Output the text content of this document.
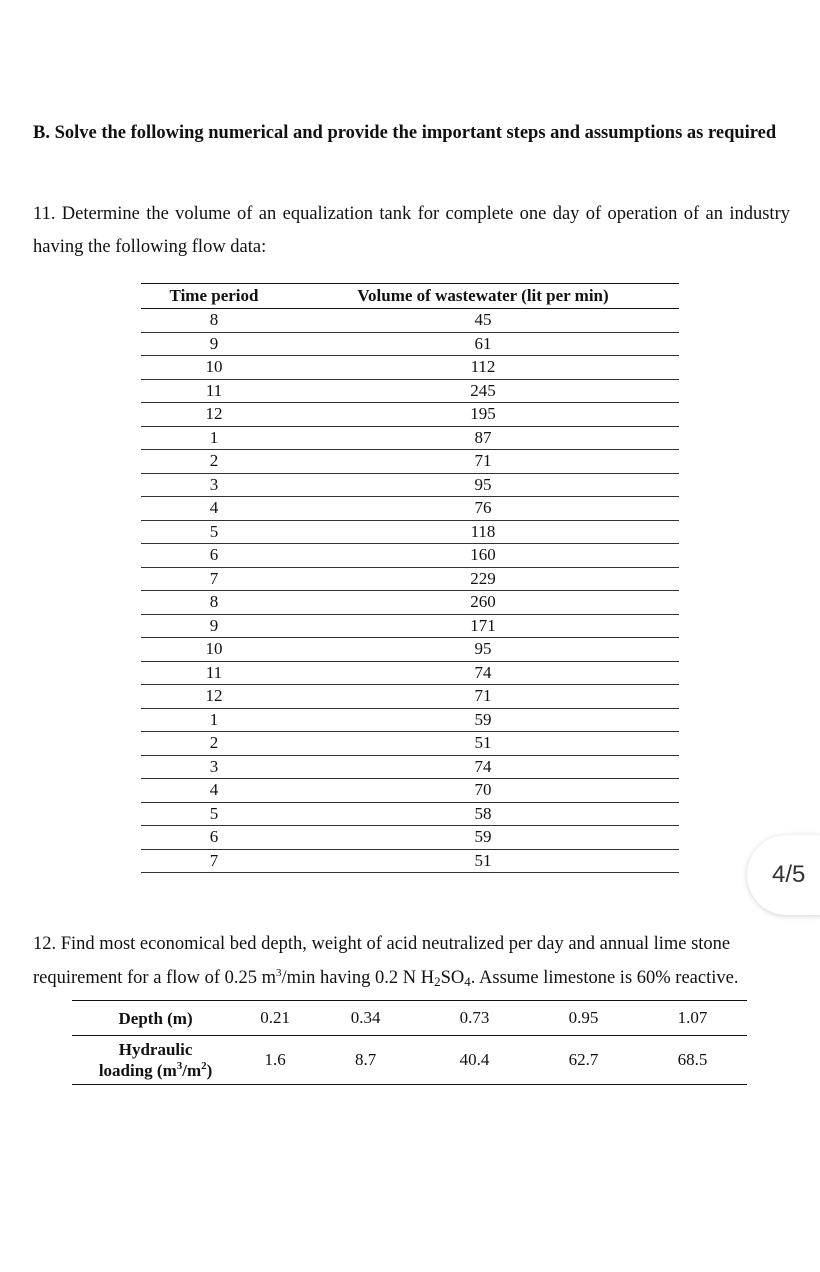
B. Solve the following numerical and provide the important steps and assumptions as required
11. Determine the volume of an equalization tank for complete one day of operation of an industry having the following flow data:
Time period	Volume of wastewater (lit per min)
8	45
9	61
10	112
11	245
12	195
1	87
2	71
3	95
4	76
5	118
6	160
7	229
8	260
9	171
10	95
11	74
12	71
1	59
2	51
3	74
4	70
5	58
6	59
7	51
4/5
12. Find most economical bed depth, weight of acid neutralized per day and annual lime stone requirement for a flow of 0.25 $m^3/\min$ having 0.2 N $H_2SO_4$. Assume limestone is 60% reactive.
Depth (m)	0.21	0.34	0.73	0.95	1.07
Hydraulic
loading $(m^3/m^2)$	1.6	8.7	40.4	62.7	68.5
